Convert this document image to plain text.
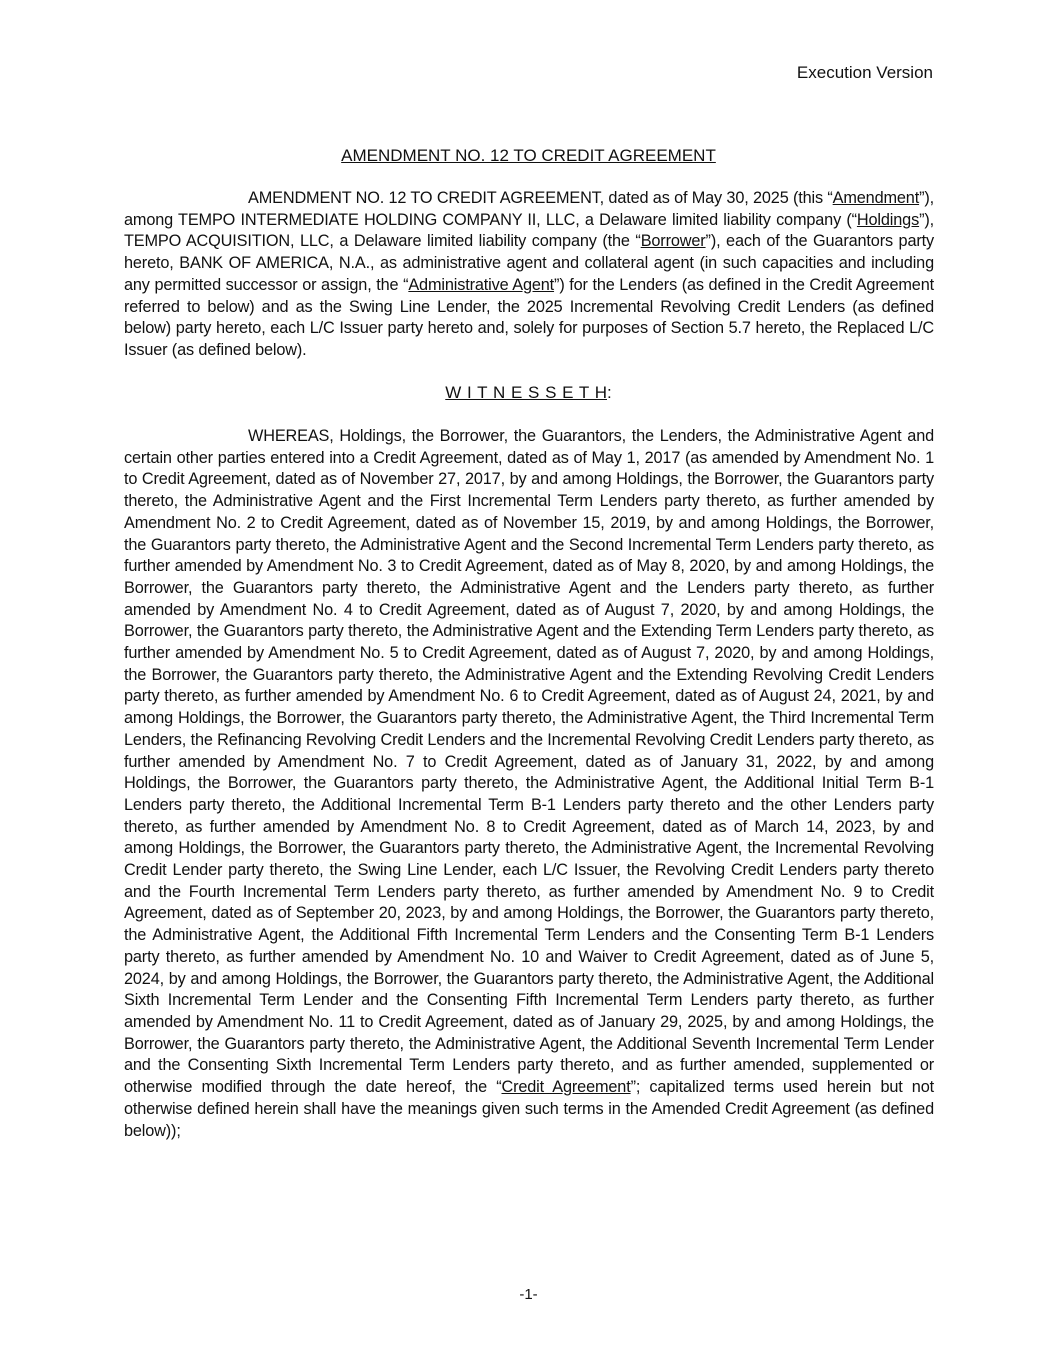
Execution Version
AMENDMENT NO. 12 TO CREDIT AGREEMENT
AMENDMENT NO. 12 TO CREDIT AGREEMENT, dated as of May 30, 2025 (this “Amendment”), among TEMPO INTERMEDIATE HOLDING COMPANY II, LLC, a Delaware limited liability company (“Holdings”), TEMPO ACQUISITION, LLC, a Delaware limited liability company (the “Borrower”), each of the Guarantors party hereto, BANK OF AMERICA, N.A., as administrative agent and collateral agent (in such capacities and including any permitted successor or assign, the “Administrative Agent”) for the Lenders (as defined in the Credit Agreement referred to below) and as the Swing Line Lender, the 2025 Incremental Revolving Credit Lenders (as defined below) party hereto, each L/C Issuer party hereto and, solely for purposes of Section 5.7 hereto, the Replaced L/C Issuer (as defined below).
W I T N E S S E T H:
WHEREAS, Holdings, the Borrower, the Guarantors, the Lenders, the Administrative Agent and certain other parties entered into a Credit Agreement, dated as of May 1, 2017 (as amended by Amendment No. 1 to Credit Agreement, dated as of November 27, 2017, by and among Holdings, the Borrower, the Guarantors party thereto, the Administrative Agent and the First Incremental Term Lenders party thereto, as further amended by Amendment No. 2 to Credit Agreement, dated as of November 15, 2019, by and among Holdings, the Borrower, the Guarantors party thereto, the Administrative Agent and the Second Incremental Term Lenders party thereto, as further amended by Amendment No. 3 to Credit Agreement, dated as of May 8, 2020, by and among Holdings, the Borrower, the Guarantors party thereto, the Administrative Agent and the Lenders party thereto, as further amended by Amendment No. 4 to Credit Agreement, dated as of August 7, 2020, by and among Holdings, the Borrower, the Guarantors party thereto, the Administrative Agent and the Extending Term Lenders party thereto, as further amended by Amendment No. 5 to Credit Agreement, dated as of August 7, 2020, by and among Holdings, the Borrower, the Guarantors party thereto, the Administrative Agent and the Extending Revolving Credit Lenders party thereto, as further amended by Amendment No. 6 to Credit Agreement, dated as of August 24, 2021, by and among Holdings, the Borrower, the Guarantors party thereto, the Administrative Agent, the Third Incremental Term Lenders, the Refinancing Revolving Credit Lenders and the Incremental Revolving Credit Lenders party thereto, as further amended by Amendment No. 7 to Credit Agreement, dated as of January 31, 2022, by and among Holdings, the Borrower, the Guarantors party thereto, the Administrative Agent, the Additional Initial Term B-1 Lenders party thereto, the Additional Incremental Term B-1 Lenders party thereto and the other Lenders party thereto, as further amended by Amendment No. 8 to Credit Agreement, dated as of March 14, 2023, by and among Holdings, the Borrower, the Guarantors party thereto, the Administrative Agent, the Incremental Revolving Credit Lender party thereto, the Swing Line Lender, each L/C Issuer, the Revolving Credit Lenders party thereto and the Fourth Incremental Term Lenders party thereto, as further amended by Amendment No. 9 to Credit Agreement, dated as of September 20, 2023, by and among Holdings, the Borrower, the Guarantors party thereto, the Administrative Agent, the Additional Fifth Incremental Term Lenders and the Consenting Term B-1 Lenders party thereto, as further amended by Amendment No. 10 and Waiver to Credit Agreement, dated as of June 5, 2024, by and among Holdings, the Borrower, the Guarantors party thereto, the Administrative Agent, the Additional Sixth Incremental Term Lender and the Consenting Fifth Incremental Term Lenders party thereto, as further amended by Amendment No. 11 to Credit Agreement, dated as of January 29, 2025, by and among Holdings, the Borrower, the Guarantors party thereto, the Administrative Agent, the Additional Seventh Incremental Term Lender and the Consenting Sixth Incremental Term Lenders party thereto, and as further amended, supplemented or otherwise modified through the date hereof, the “Credit Agreement”; capitalized terms used herein but not otherwise defined herein shall have the meanings given such terms in the Amended Credit Agreement (as defined below));
-1-
